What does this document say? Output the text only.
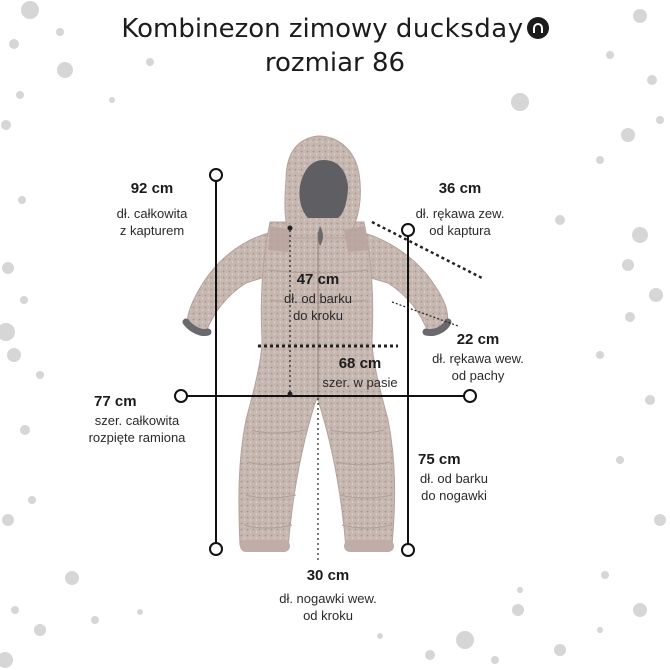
Kombinezon zimowy ducksday
rozmiar 86
92 cm
dł. całkowita
z kapturem
36 cm
dł. rękawa zew.
od kaptura
47 cm
dł. od barku
do kroku
22 cm
dł. rękawa wew.
od pachy
68 cm
szer. w pasie
77 cm
szer. całkowita
rozpięte ramiona
75 cm
dł. od barku
do nogawki
30 cm
dł. nogawki wew.
od kroku
